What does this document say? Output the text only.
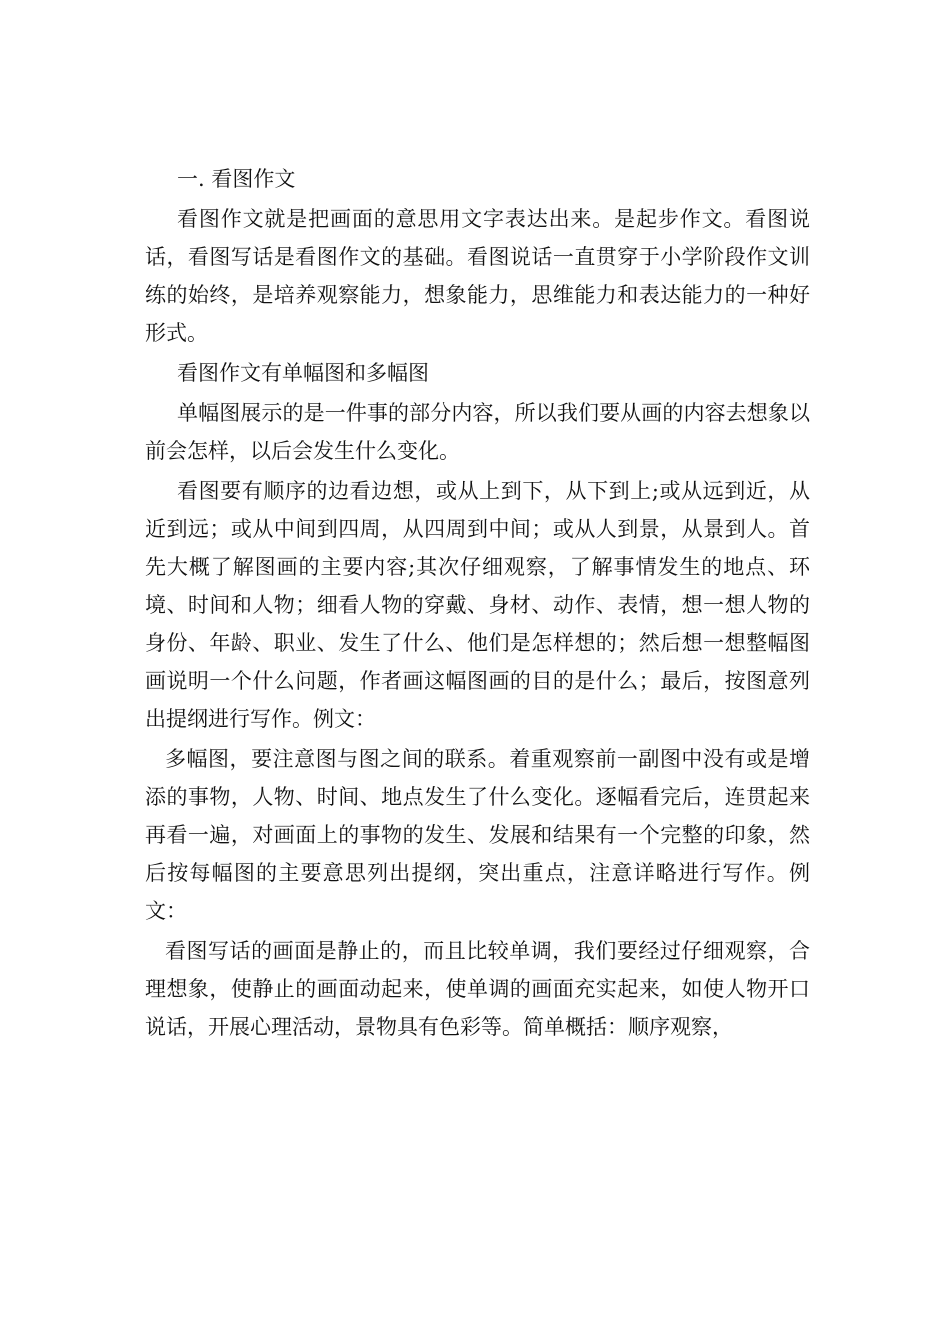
一. 看图作文

看图作文就是把画面的意思用文字表达出来。是起步作文。看图说话，看图写话是看图作文的基础。看图说话一直贯穿于小学阶段作文训练的始终，是培养观察能力，想象能力，思维能力和表达能力的一种好形式。

看图作文有单幅图和多幅图

单幅图展示的是一件事的部分内容，所以我们要从画的内容去想象以前会怎样，以后会发生什么变化。

看图要有顺序的边看边想，或从上到下，从下到上;或从远到近，从近到远；或从中间到四周，从四周到中间；或从人到景，从景到人。首先大概了解图画的主要内容;其次仔细观察，了解事情发生的地点、环境、时间和人物；细看人物的穿戴、身材、动作、表情，想一想人物的身份、年龄、职业、发生了什么、他们是怎样想的；然后想一想整幅图画说明一个什么问题，作者画这幅图画的目的是什么；最后，按图意列出提纲进行写作。例文：

多幅图，要注意图与图之间的联系。着重观察前一副图中没有或是增添的事物，人物、时间、地点发生了什么变化。逐幅看完后，连贯起来再看一遍，对画面上的事物的发生、发展和结果有一个完整的印象，然后按每幅图的主要意思列出提纲，突出重点，注意详略进行写作。例文：

看图写话的画面是静止的，而且比较单调，我们要经过仔细观察，合理想象，使静止的画面动起来，使单调的画面充实起来，如使人物开口说话，开展心理活动，景物具有色彩等。简单概括：顺序观察，
